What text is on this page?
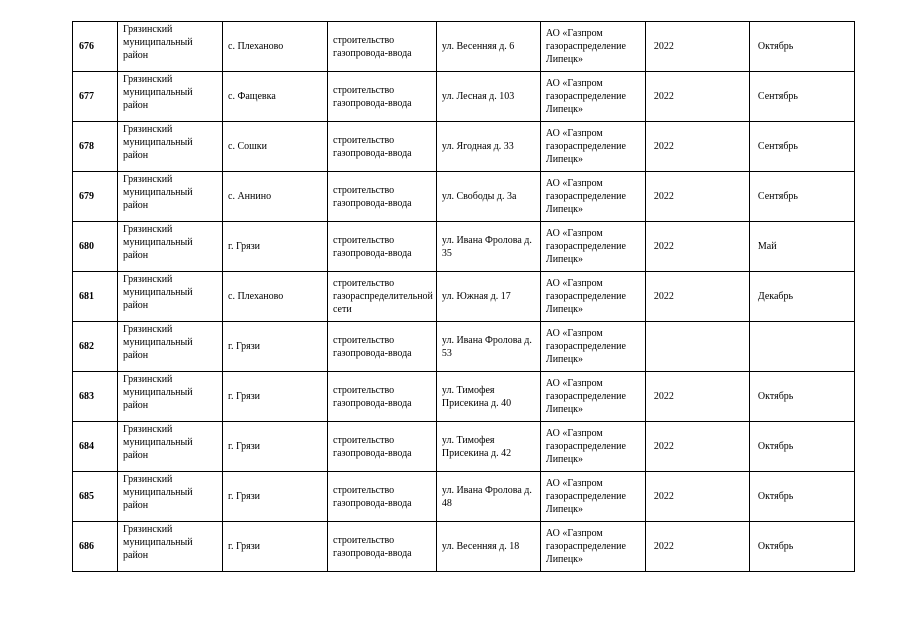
676	Грязинский муниципальный район	с. Плеханово	строительство газопровода-ввода	ул. Весенняя д. 6	АО «Газпром газораспределение Липецк»	2022	Октябрь
677	Грязинский муниципальный район	с. Фащевка	строительство газопровода-ввода	ул. Лесная д. 103	АО «Газпром газораспределение Липецк»	2022	Сентябрь
678	Грязинский муниципальный район	с. Сошки	строительство газопровода-ввода	ул. Ягодная д. 33	АО «Газпром газораспределение Липецк»	2022	Сентябрь
679	Грязинский муниципальный район	с. Аннино	строительство газопровода-ввода	ул. Свободы д. 3а	АО «Газпром газораспределение Липецк»	2022	Сентябрь
680	Грязинский муниципальный район	г. Грязи	строительство газопровода-ввода	ул. Ивана Фролова д. 35	АО «Газпром газораспределение Липецк»	2022	Май
681	Грязинский муниципальный район	с. Плеханово	строительство газораспределительной сети	ул. Южная д. 17	АО «Газпром газораспределение Липецк»	2022	Декабрь
682	Грязинский муниципальный район	г. Грязи	строительство газопровода-ввода	ул. Ивана Фролова д. 53	АО «Газпром газораспределение Липецк»		
683	Грязинский муниципальный район	г. Грязи	строительство газопровода-ввода	ул. Тимофея Присекина д. 40	АО «Газпром газораспределение Липецк»	2022	Октябрь
684	Грязинский муниципальный район	г. Грязи	строительство газопровода-ввода	ул. Тимофея Присекина д. 42	АО «Газпром газораспределение Липецк»	2022	Октябрь
685	Грязинский муниципальный район	г. Грязи	строительство газопровода-ввода	ул. Ивана Фролова д. 48	АО «Газпром газораспределение Липецк»	2022	Октябрь
686	Грязинский муниципальный район	г. Грязи	строительство газопровода-ввода	ул. Весенняя д. 18	АО «Газпром газораспределение Липецк»	2022	Октябрь
